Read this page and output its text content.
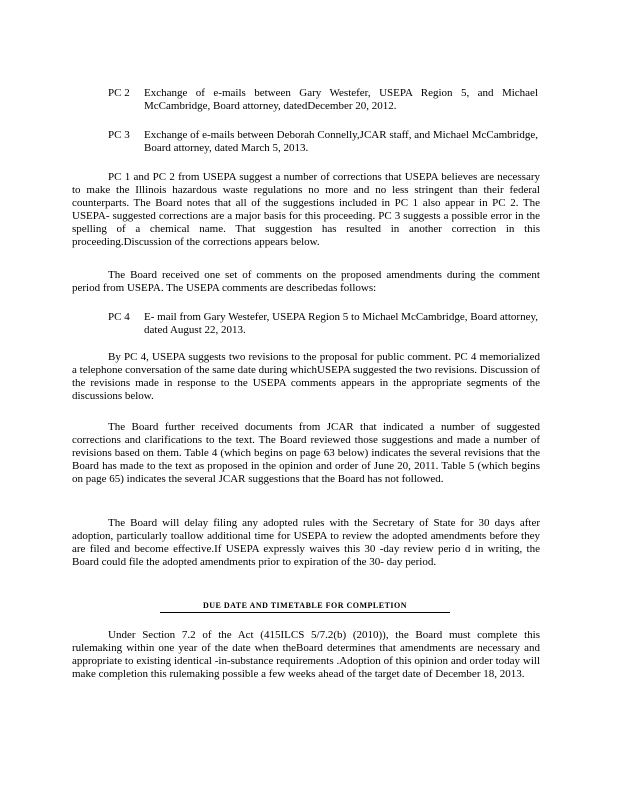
PC 2	Exchange of e-mails between Gary Westefer, USEPA Region 5, and Michael McCambridge, Board attorney, datedDecember 20, 2012.
PC 3	Exchange of e-mails between Deborah Connelly,JCAR staff, and Michael McCambridge, Board attorney, dated March 5, 2013.
PC 1 and PC 2 from USEPA suggest a number of corrections that USEPA believes are necessary to make the Illinois hazardous waste regulations no more and no less stringent than their federal counterparts. The Board notes that all of the suggestions included in PC 1 also appear in PC 2. The USEPA- suggested corrections are a major basis for this proceeding. PC 3 suggests a possible error in the spelling of a chemical name. That suggestion has resulted in another correction in this proceeding.Discussion of the corrections appears below.
The Board received one set of comments on the proposed amendments during the comment period from USEPA. The USEPA comments are describedas follows:
PC 4	E- mail from Gary Westefer, USEPA Region 5 to Michael McCambridge, Board attorney, dated August 22, 2013.
By PC 4, USEPA suggests two revisions to the proposal for public comment. PC 4 memorialized a telephone conversation of the same date during whichUSEPA suggested the two revisions. Discussion of the revisions made in response to the USEPA comments appears in the appropriate segments of the discussions below.
The Board further received documents from JCAR that indicated a number of suggested corrections and clarifications to the text. The Board reviewed those suggestions and made a number of revisions based on them. Table 4 (which begins on page 63 below) indicates the several revisions that the Board has made to the text as proposed in the opinion and order of June 20, 2011. Table 5 (which begins on page 65) indicates the several JCAR suggestions that the Board has not followed.
The Board will delay filing any adopted rules with the Secretary of State for 30 days after adoption, particularly toallow additional time for USEPA to review the adopted amendments before they are filed and become effective.If USEPA expressly waives this 30 -day review perio d in writing, the Board could file the adopted amendments prior to expiration of the 30- day period.
DUE DATE AND TIMETABLE FOR COMPLETION
Under Section 7.2 of the Act (415ILCS 5/7.2(b) (2010)), the Board must complete this rulemaking within one year of the date when theBoard determines that amendments are necessary and appropriate to existing identical -in-substance requirements .Adoption of this opinion and order today will make completion this rulemaking possible a few weeks ahead of the target date of December 18, 2013.
